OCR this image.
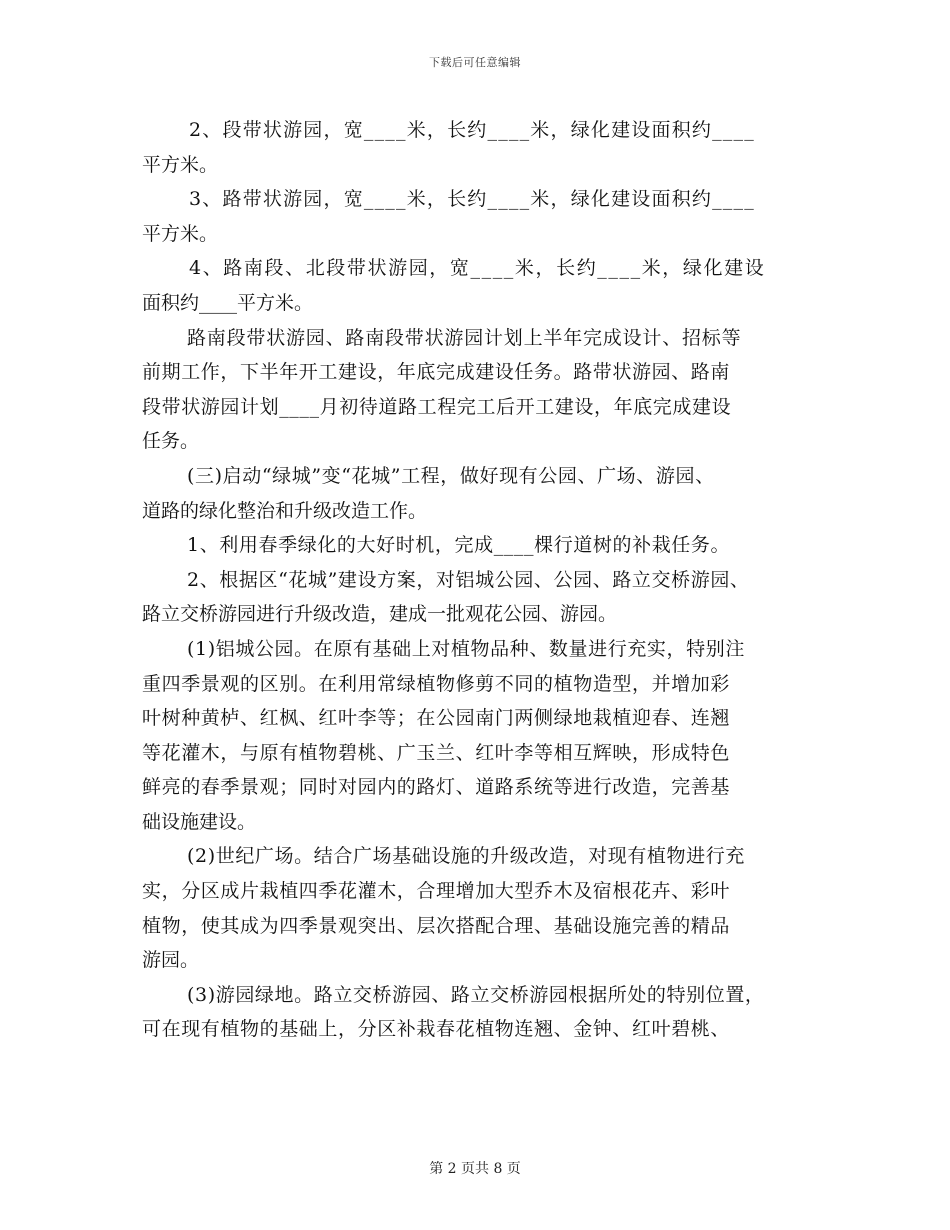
下载后可任意编辑
2、段带状游园，宽____米，长约____米，绿化建设面积约____
平方米。
3、路带状游园，宽____米，长约____米，绿化建设面积约____
平方米。
4、路南段、北段带状游园，宽____米，长约____米，绿化建设
面积约____平方米。
路南段带状游园、路南段带状游园计划上半年完成设计、招标等
前期工作，下半年开工建设，年底完成建设任务。路带状游园、路南
段带状游园计划____月初待道路工程完工后开工建设，年底完成建设
任务。
(三)启动“绿城”变“花城”工程，做好现有公园、广场、游园、
道路的绿化整治和升级改造工作。
1、利用春季绿化的大好时机，完成____棵行道树的补栽任务。
2、根据区“花城”建设方案，对铝城公园、公园、路立交桥游园、
路立交桥游园进行升级改造，建成一批观花公园、游园。
(1)铝城公园。在原有基础上对植物品种、数量进行充实，特别注
重四季景观的区别。在利用常绿植物修剪不同的植物造型，并增加彩
叶树种黄栌、红枫、红叶李等；在公园南门两侧绿地栽植迎春、连翘
等花灌木，与原有植物碧桃、广玉兰、红叶李等相互辉映，形成特色
鲜亮的春季景观；同时对园内的路灯、道路系统等进行改造，完善基
础设施建设。
(2)世纪广场。结合广场基础设施的升级改造，对现有植物进行充
实，分区成片栽植四季花灌木，合理增加大型乔木及宿根花卉、彩叶
植物，使其成为四季景观突出、层次搭配合理、基础设施完善的精品
游园。
(3)游园绿地。路立交桥游园、路立交桥游园根据所处的特别位置，
可在现有植物的基础上，分区补栽春花植物连翘、金钟、红叶碧桃、
第 2 页共 8 页
